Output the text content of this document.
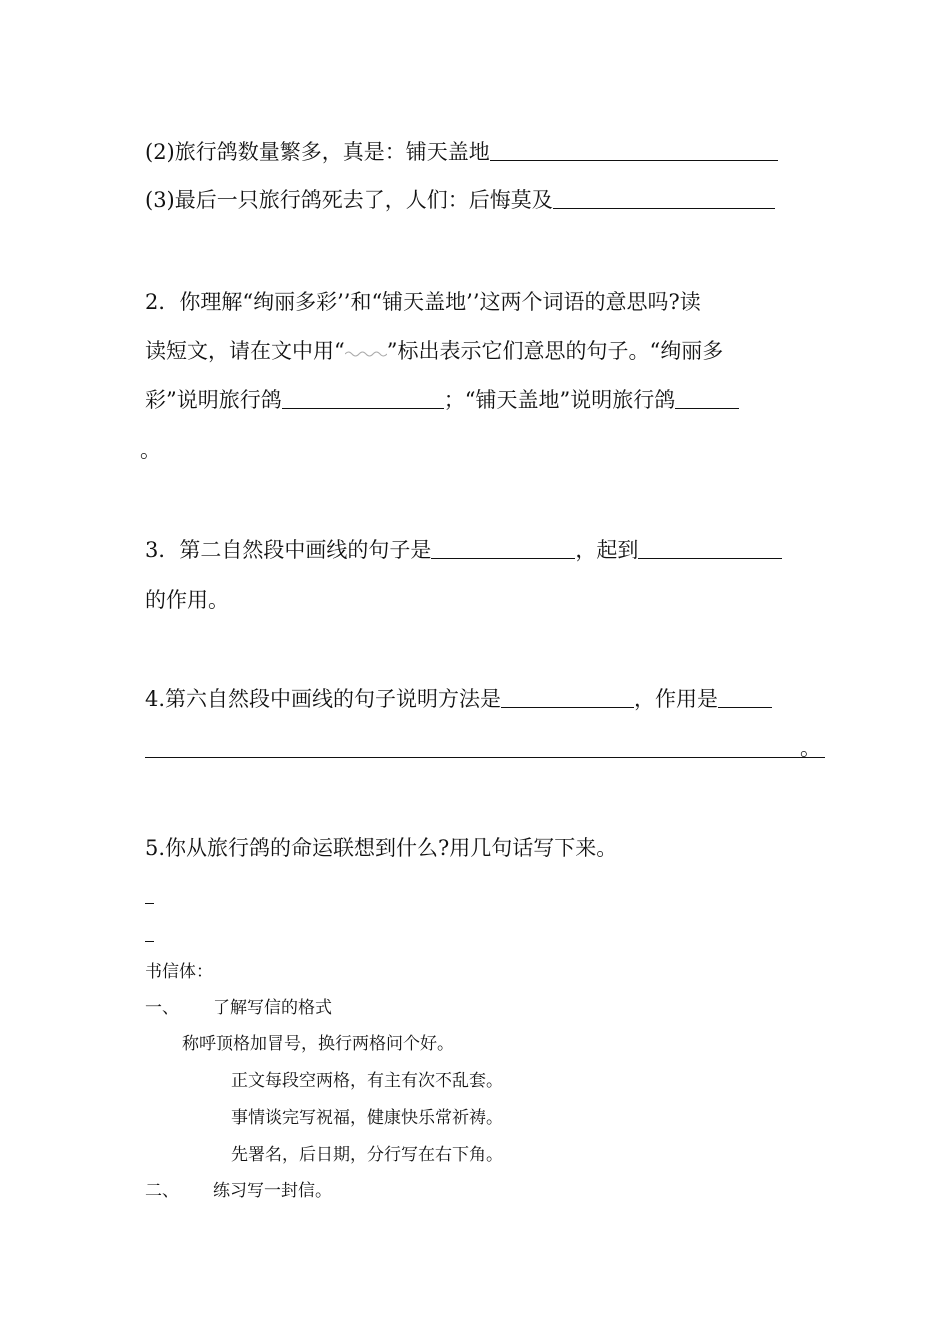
(2)旅行鸽数量繁多，真是：铺天盖地
(3)最后一只旅行鸽死去了，人们：后悔莫及
2．你理解“绚丽多彩’’和“铺天盖地’’这两个词语的意思吗?读
读短文，请在文中用“ ”标出表示它们意思的句子。“绚丽多
彩”说明旅行鸽	；“铺天盖地”说明旅行鸽
。
3．第二自然段中画线的句子是	，起到
的作用。
4.第六自然段中画线的句子说明方法是	，作用是
。
5.你从旅行鸽的命运联想到什么?用几句话写下来。
书信体：
一、 了解写信的格式
称呼顶格加冒号，换行两格问个好。
正文每段空两格，有主有次不乱套。
事情谈完写祝福，健康快乐常祈祷。
先署名，后日期，分行写在右下角。
二、 练习写一封信。
